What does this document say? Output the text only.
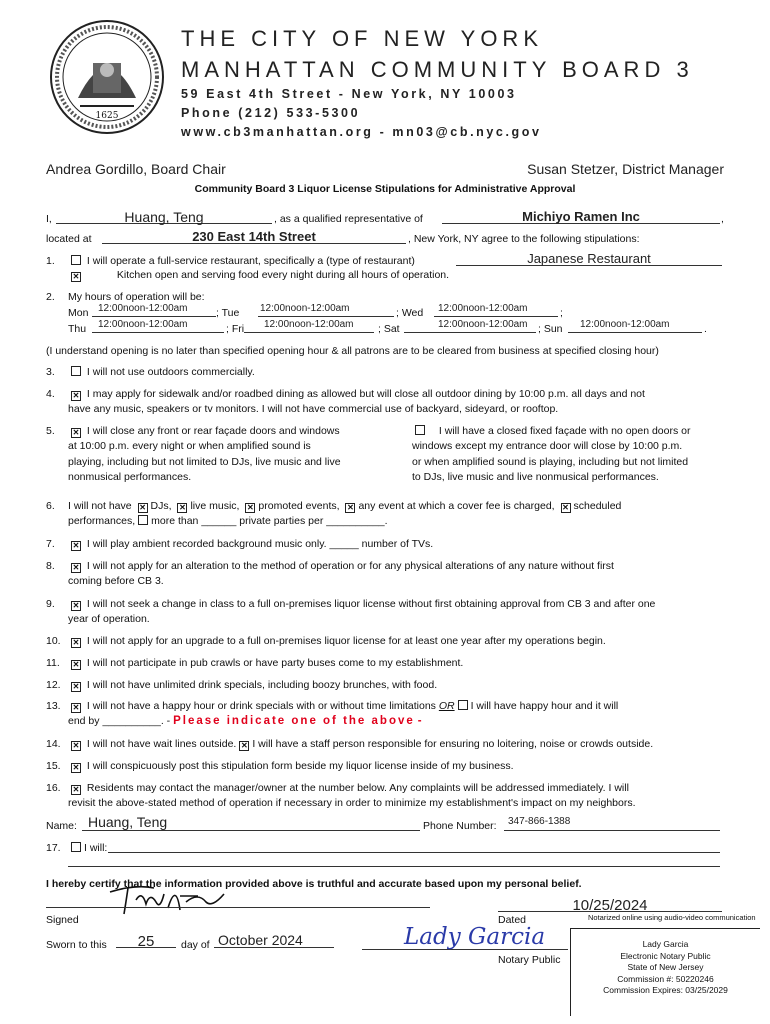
1625
THE CITY OF NEW YORK
MANHATTAN COMMUNITY BOARD 3
59 East 4th Street - New York, NY 10003
Phone (212) 533-5300
www.cb3manhattan.org - mn03@cb.nyc.gov
Andrea Gordillo, Board Chair	Susan Stetzer, District Manager
Community Board 3 Liquor License Stipulations for Administrative Approval
I,	Huang, Teng	, as a qualified representative of	Michiyo Ramen Inc	,
located at	230 East 14th Street	, New York, NY agree to the following stipulations:
1.	I will operate a full-service restaurant, specifically a (type of restaurant)	Japanese Restaurant
✕	Kitchen open and serving food every night during all hours of operation.
2. My hours of operation will be:
Mon 12:00noon-12:00am	; Tue 12:00noon-12:00am	; Wed 12:00noon-12:00am	;
Thu 12:00noon-12:00am	; Fri 12:00noon-12:00am ; Sat	12:00noon-12:00am ; Sun 12:00noon-12:00am	.
(I understand opening is no later than specified opening hour & all patrons are to be cleared from business at specified closing hour)
3.	I will not use outdoors commercially.
4. ✕ I may apply for sidewalk and/or roadbed dining as allowed but will close all outdoor dining by 10:00 p.m. all days and not
have any music, speakers or tv monitors. I will not have commercial use of backyard, sideyard, or rooftop.
5. ✕ I will close any front or rear façade doors and windows
at 10:00 p.m. every night or when amplified sound is
playing, including but not limited to DJs, live music and live
nonmusical performances.
I will have a closed fixed façade with no open doors or
windows except my entrance door will close by 10:00 p.m.
or when amplified sound is playing, including but not limited
to DJs, live music and live nonmusical performances.
6. I will not have ✕ DJs, ✕ live music, ✕ promoted events, ✕ any event at which a cover fee is charged, ✕ scheduled
performances, more than ______ private parties per __________.
7. ✕ I will play ambient recorded background music only. _____ number of TVs.
8. ✕ I will not apply for an alteration to the method of operation or for any physical alterations of any nature without first
coming before CB 3.
9. ✕ I will not seek a change in class to a full on-premises liquor license without first obtaining approval from CB 3 and after one
year of operation.
10. ✕ I will not apply for an upgrade to a full on-premises liquor license for at least one year after my operations begin.
11. ✕ I will not participate in pub crawls or have party buses come to my establishment.
12. ✕ I will not have unlimited drink specials, including boozy brunches, with food.
13. ✕ I will not have a happy hour or drink specials with or without time limitations OR I will have happy hour and it will
end by __________. - Please indicate one of the above -
14. ✕ I will not have wait lines outside. ✕ I will have a staff person responsible for ensuring no loitering, noise or crowds outside.
15. ✕ I will conspicuously post this stipulation form beside my liquor license inside of my business.
16. ✕ Residents may contact the manager/owner at the number below. Any complaints will be addressed immediately. I will
revisit the above-stated method of operation if necessary in order to minimize my establishment's impact on my neighbors.
Name: Huang, Teng	Phone Number: 347-866-1388
17. I will:
I hereby certify that the information provided above is truthful and accurate based upon my personal belief.
Signed
10/25/2024
Dated	Notarized online using audio-video communication
Sworn to this	25	day of October 2024	Lady Garcia
Notary Public
Lady Garcia
Electronic Notary Public
State of New Jersey
Commission #: 50220246
Commission Expires: 03/25/2029
